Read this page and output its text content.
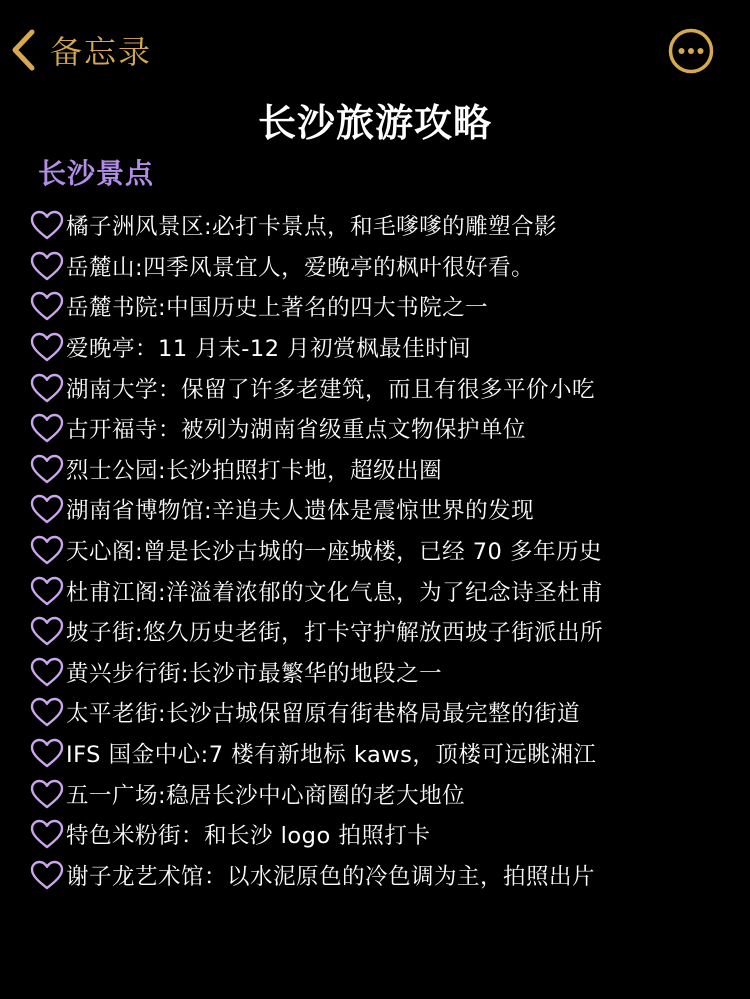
备忘录
长沙旅游攻略
长沙景点
橘子洲风景区:必打卡景点，和毛嗲嗲的雕塑合影
岳麓山:四季风景宜人，爱晚亭的枫叶很好看。
岳麓书院:中国历史上著名的四大书院之一
爱晚亭：11 月末-12 月初赏枫最佳时间
湖南大学：保留了许多老建筑，而且有很多平价小吃
古开福寺：被列为湖南省级重点文物保护单位
烈士公园:长沙拍照打卡地，超级出圈
湖南省博物馆:辛追夫人遗体是震惊世界的发现
天心阁:曾是长沙古城的一座城楼，已经 70 多年历史
杜甫江阁:洋溢着浓郁的文化气息，为了纪念诗圣杜甫
坡子街:悠久历史老街，打卡守护解放西坡子街派出所
黄兴步行街:长沙市最繁华的地段之一
太平老街:长沙古城保留原有街巷格局最完整的街道
IFS 国金中心:7 楼有新地标 kaws，顶楼可远眺湘江
五一广场:稳居长沙中心商圈的老大地位
特色米粉街：和长沙 logo 拍照打卡
谢子龙艺术馆：以水泥原色的冷色调为主，拍照出片
